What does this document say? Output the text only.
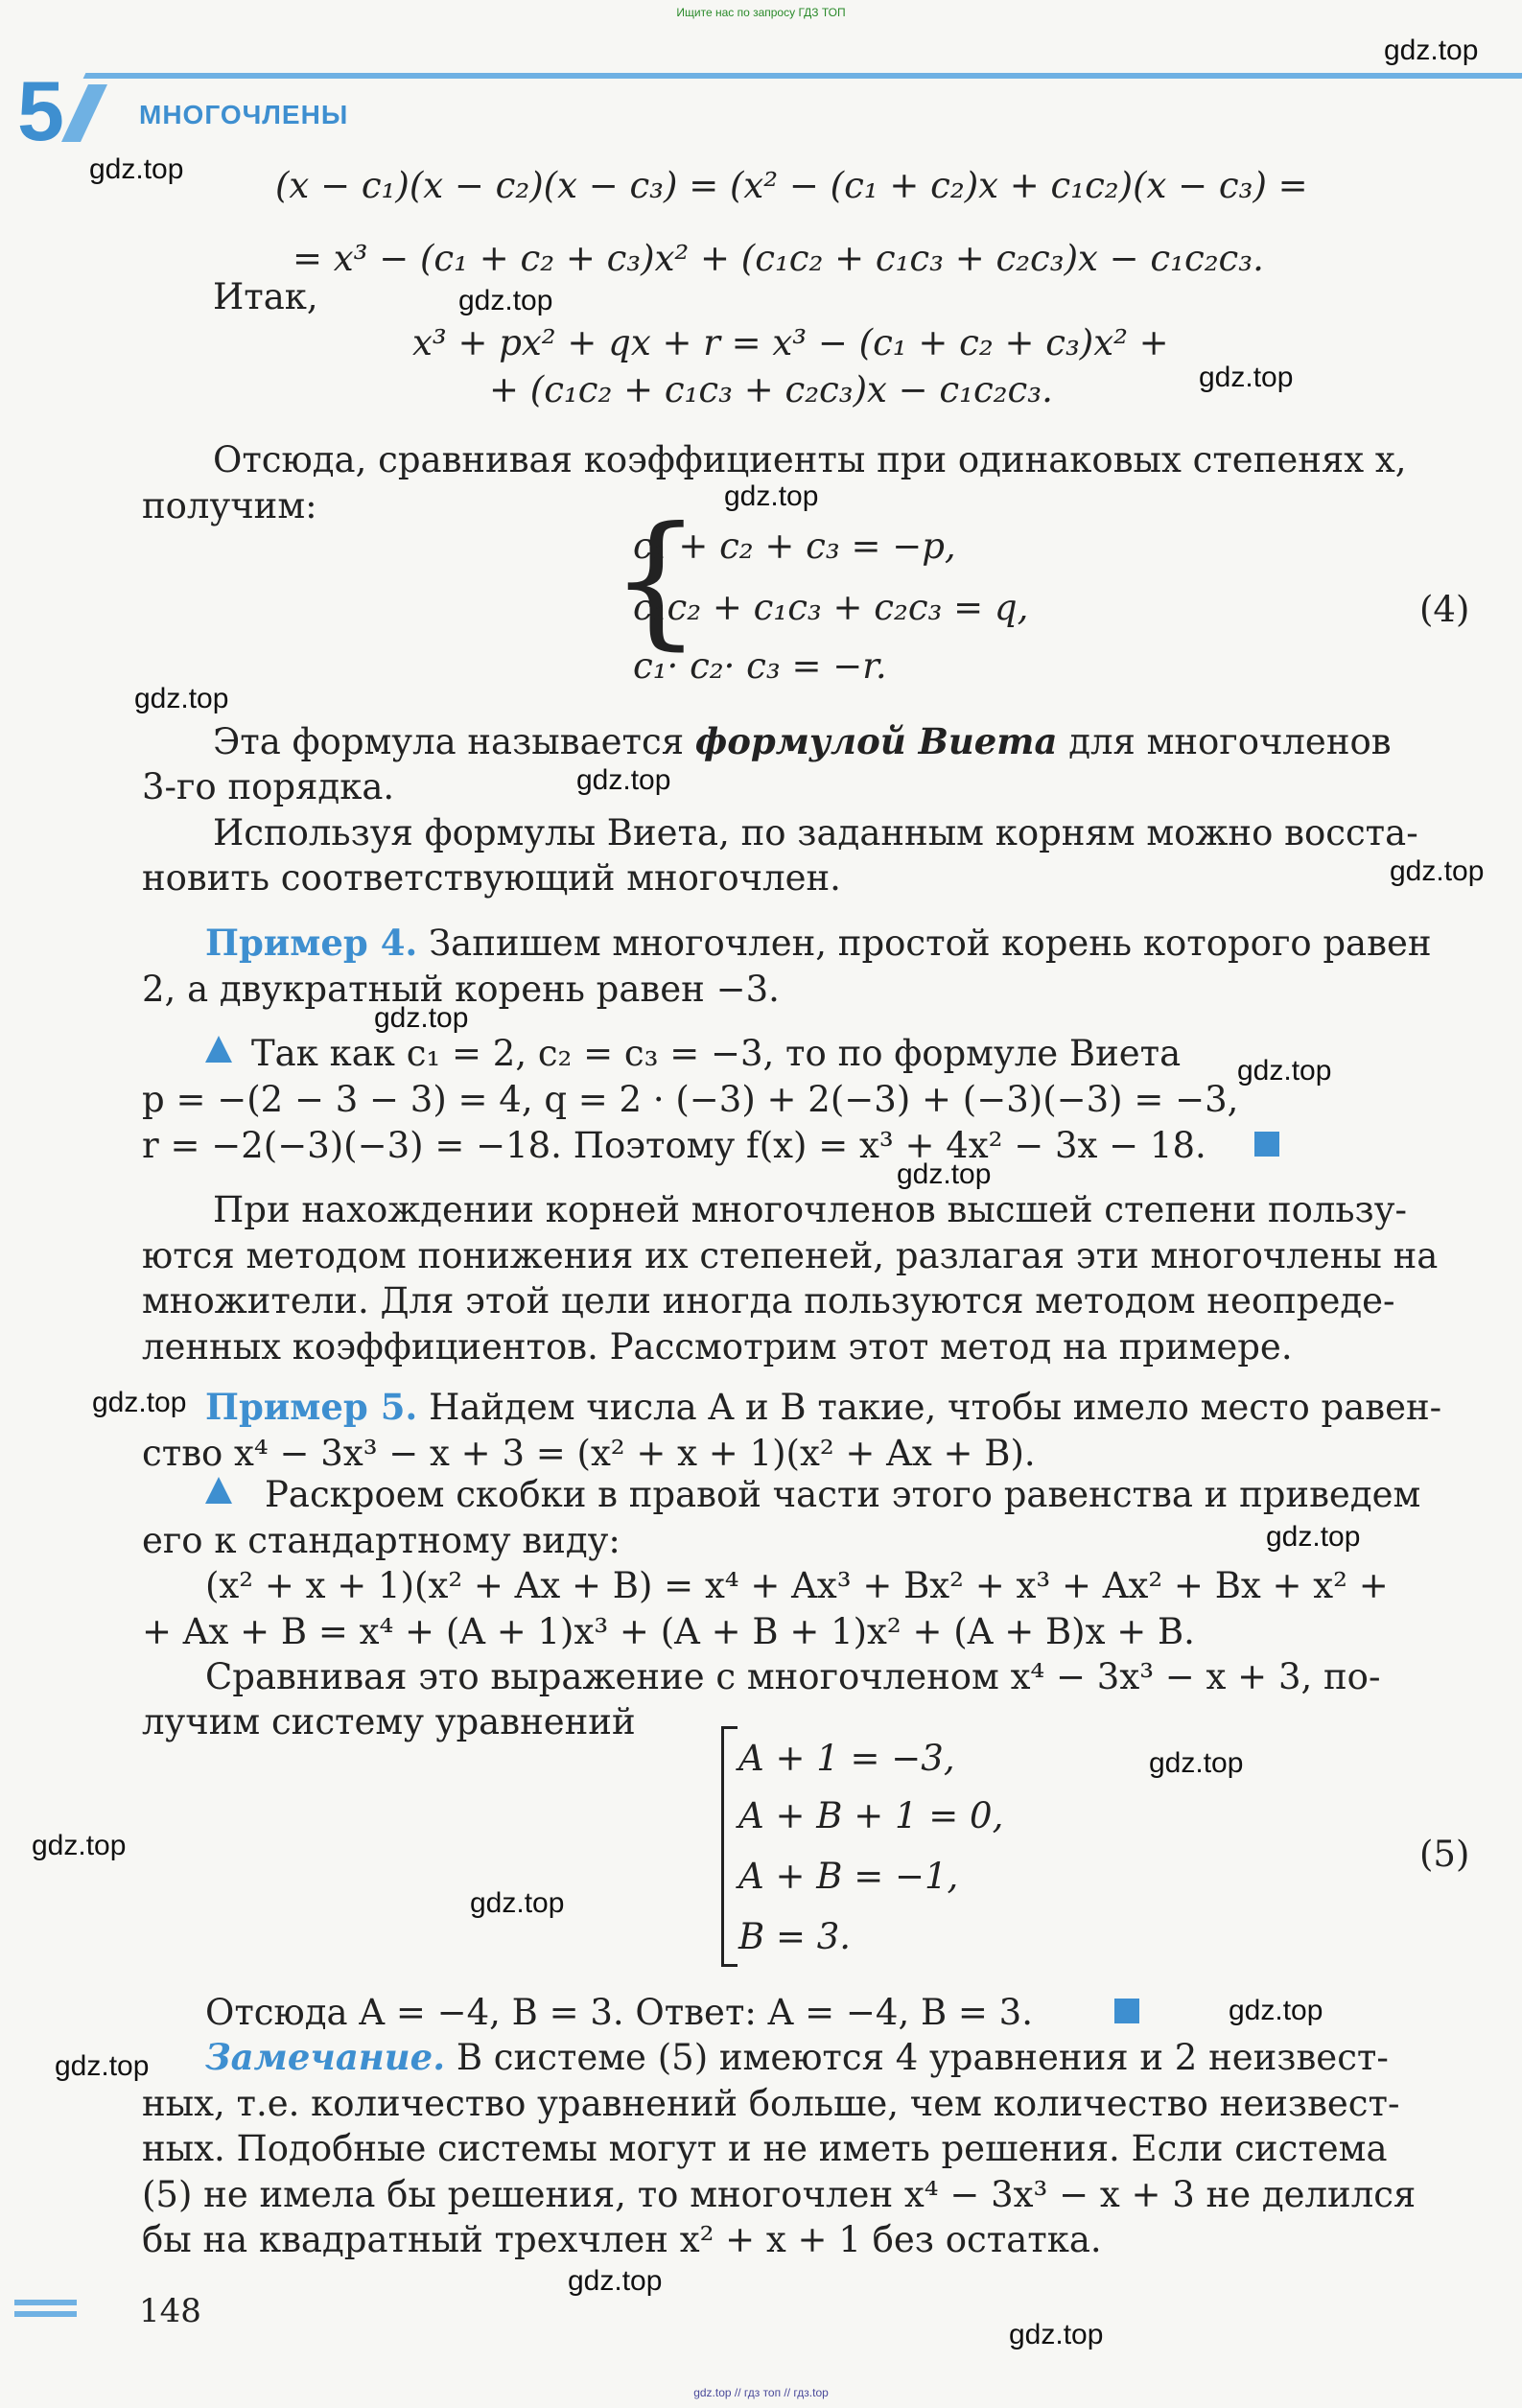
Ищите нас по запросу ГДЗ ТОП
5	МНОГОЧЛЕНЫ
gdz.top
gdz.top
gdz.top
gdz.top
gdz.top
gdz.top
gdz.top
gdz.top
gdz.top
gdz.top
gdz.top
gdz.top
gdz.top
gdz.top
gdz.top
gdz.top
gdz.top
gdz.top
gdz.top
gdz.top
(x − c₁)(x − c₂)(x − c₃) = (x² − (c₁ + c₂)x + c₁c₂)(x − c₃) =
= x³ − (c₁ + c₂ + c₃)x² + (c₁c₂ + c₁c₃ + c₂c₃)x − c₁c₂c₃.
Итак,
x³ + px² + qx + r = x³ − (c₁ + c₂ + c₃)x² +
+ (c₁c₂ + c₁c₃ + c₂c₃)x − c₁c₂c₃.
Отсюда, сравнивая коэффициенты при одинаковых степенях x,
получим: {
c₁ + c₂ + c₃ = −p,
c₁c₂ + c₁c₃ + c₂c₃ = q,
c₁· c₂· c₃ = −r.
(4)
Эта формула называется формулой Виета для многочленов
3-го порядка.
Используя формулы Виета, по заданным корням можно восста-
новить соответствующий многочлен.
Пример 4. Запишем многочлен, простой корень которого равен
2, а двукратный корень равен −3.
Так как c₁ = 2, c₂ = c₃ = −3, то по формуле Виета
p = −(2 − 3 − 3) = 4, q = 2 · (−3) + 2(−3) + (−3)(−3) = −3,
r = −2(−3)(−3) = −18. Поэтому f(x) = x³ + 4x² − 3x − 18.
При нахождении корней многочленов высшей степени пользу-
ются методом понижения их степеней, разлагая эти многочлены на
множители. Для этой цели иногда пользуются методом неопреде-
ленных коэффициентов. Рассмотрим этот метод на примере.
Пример 5. Найдем числа A и B такие, чтобы имело место равен-
ство x⁴ − 3x³ − x + 3 = (x² + x + 1)(x² + Ax + B).
Раскроем скобки в правой части этого равенства и приведем
его к стандартному виду:
(x² + x + 1)(x² + Ax + B) = x⁴ + Ax³ + Bx² + x³ + Ax² + Bx + x² +
+ Ax + B = x⁴ + (A + 1)x³ + (A + B + 1)x² + (A + B)x + B.
Сравнивая это выражение с многочленом x⁴ − 3x³ − x + 3, по-
лучим систему уравнений
A + 1 = −3,
A + B + 1 = 0,
A + B = −1,
B = 3.
(5)
Отсюда A = −4, B = 3. Ответ: A = −4, B = 3.
Замечание. В системе (5) имеются 4 уравнения и 2 неизвест-
ных, т.е. количество уравнений больше, чем количество неизвест-
ных. Подобные системы могут и не иметь решения. Если система
(5) не имела бы решения, то многочлен x⁴ − 3x³ − x + 3 не делился
бы на квадратный трехчлен x² + x + 1 без остатка.
148
gdz.top // гдз топ // гдз.top
